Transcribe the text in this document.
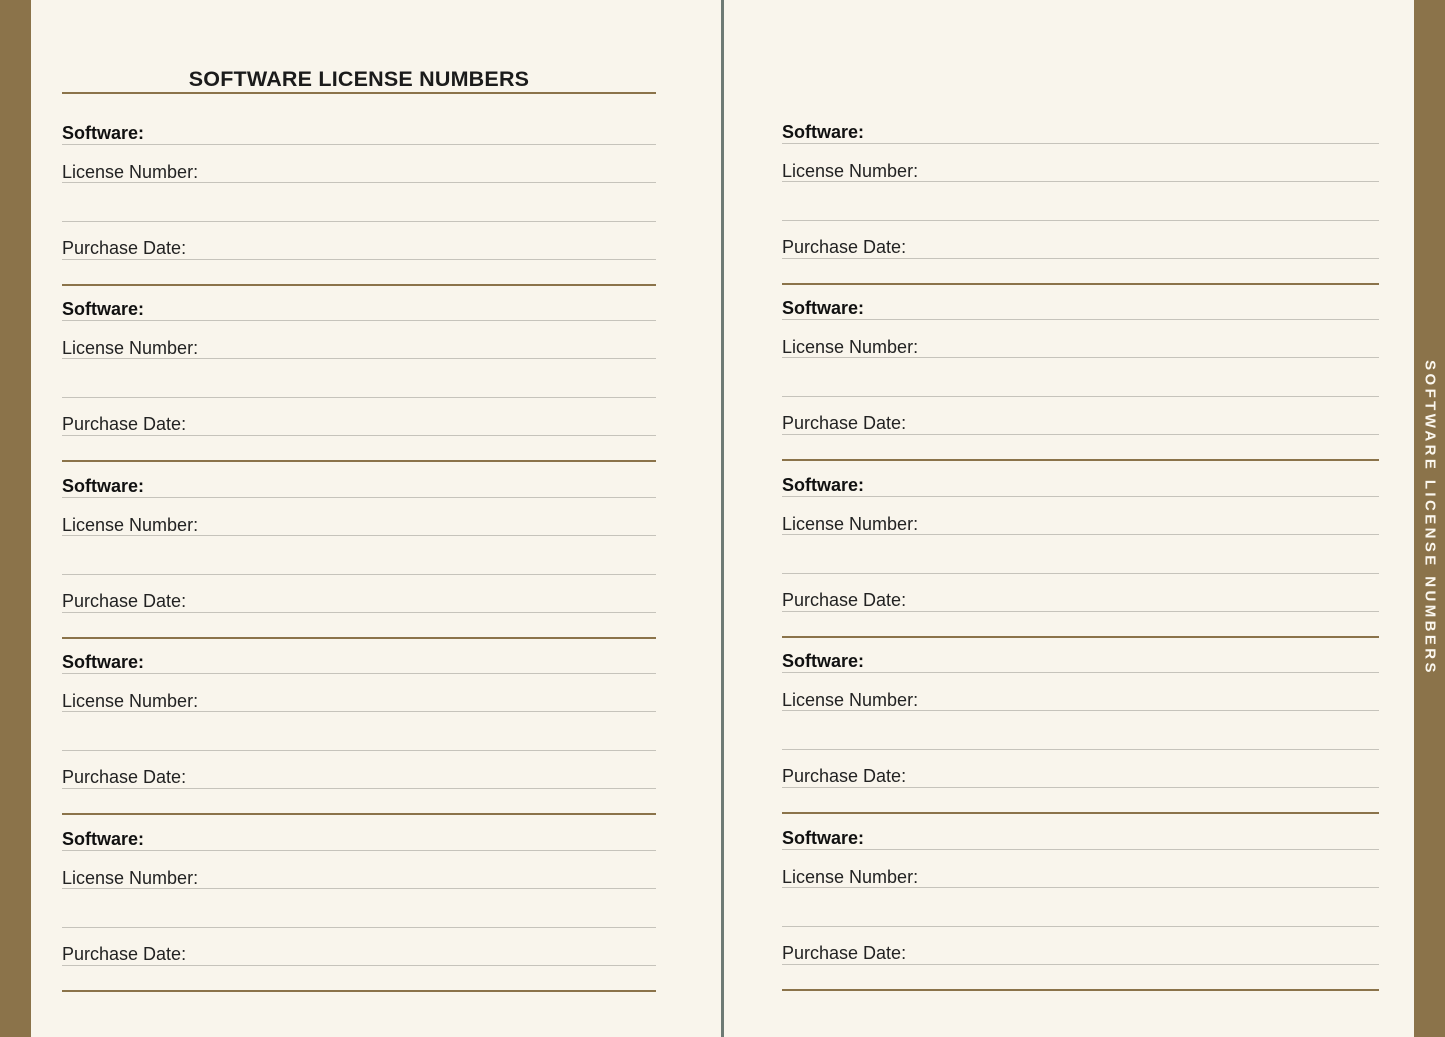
SOFTWARE LICENSE NUMBERS
Software:
License Number:
Purchase Date:
Software:
License Number:
Purchase Date:
Software:
License Number:
Purchase Date:
Software:
License Number:
Purchase Date:
Software:
License Number:
Purchase Date:
Software:
License Number:
Purchase Date:
Software:
License Number:
Purchase Date:
Software:
License Number:
Purchase Date:
Software:
License Number:
Purchase Date:
Software:
License Number:
Purchase Date:
SOFTWARE LICENSE NUMBERS
